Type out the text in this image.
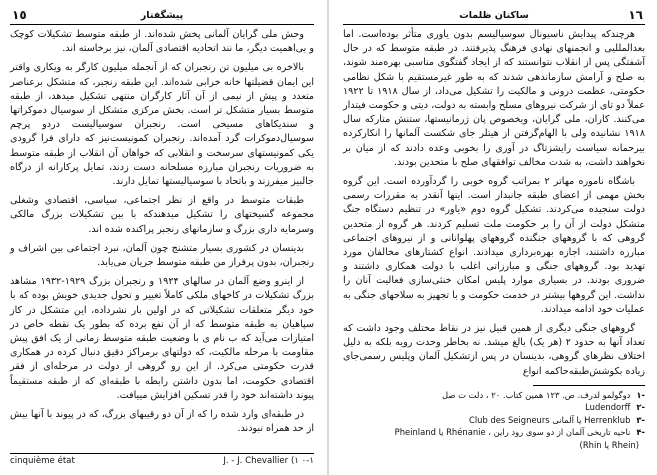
١٥	پیشگفتار

وحش ملی گرایان آلمانی پخش شده‌اند. از طبقه متوسط تشکیلات کوچک و بی‌اهمیت دیگر، ما نند اتحادیه اقتصادی آلمان، نیز برخاسته اند.

بالاخره بی میلیون تن رنجبران که از آنجمله میلیون کارگر به ویکاری واقتر این ایمان قضیلتها خانه خرابی شده‌اند. این طبقه رنجبر، که متشکل برعناصر متعدد و پیش از نیمی از آن آثار کارگران منتهی تشکیل میدهد، از طبقه متوسط بسیار متشکل تر است. بخش مرکزی متشکل از سوسیال دموکراتها و سندیکاهای مسیحی است. رنجبران سوسیالیست دردو پرچم سوسیال‌دموکرات گرد آمده‌اند. رنجبران کمونیست‌نیز که دارای فرا گرودی یکی کمونیستهای سرسخت و انقلابی که خواهان آن انقلاب از طبقه متوسط به ضروریات رنجبران مبارزه مسلحانه دست زدند، تمایل پرکارانه از درگاه جالبیز میفرزند و باتحاد با سوسیالیستها تمایل دارند.

طبقات متوسط در واقع از نظر اجتماعی، سیاسی، اقتصادی وشغلی مجموعه گسیختهای را تشکیل میدهندکه با بین تشکیلات بزرگ مالکی وسرمایه داری بزرگ و سازمانهای رنجبر پراکنده شده اند.

بدینسان در کشوری بسیار متشنج چون آلمان، نبرد اجتماعی بین اشراف و رنجبران، بدون پرفراز من طبقه متوسط جریان می‌یابد.

از اینرو وضع آلمان در سالهای ۱۹۲۴ و رنجبران بزرگ ۱۹۲۹-۱۹۳۲ مشاهد بزرگ تشکیلات در کاخهای ملکی کاملاً تغییر و تحول جدیدی خویش بوده که با خود دیگر متعلقات تشکیلاتی که در اولین بار نشرداده، این متشکل در کاز سپاهیان به طبقه متوسط که از آن نفع برده که بطور یک نقطه خاص در امتیازات می‌آید که ب نام ی با وضعیت طبقه متوسط زمانی از یک افق پیش مقاومت با مرحله مالکیت، که دولتهای برمراکز دقیق دنبال کرده در همکاری قدرت حکومتی می‌کرد. از این رو گروهی از دولت در مرحله‌ای از فقر اقتصادی حکومت، اما بدون داشتن رابطه با طبقه‌ای که از طبقه مستقیماً پیوند داشته‌اند خود را قدر تسکین افزایش مییافت.

در طبقه‌ای وارد شده را که از آن دو رقیبهای بزرگ، که در پیوند با آنها بیش از حد همراه نبودند.

١٦
ساکنان ظلمات

هرچندکه پیدایش ناسیونال سوسیالیسم بدون یاوری متأثر بوده‌است. اما بعدالمللیی و انجمنهای نهادی فرهنگ پذیرفتند. در طبقه متوسط که در حال آشفتگی پس از انقلاب نتوانستند که از ایجاد گفتگوی مناسبی بهره‌مند شوند، به صلح و آرامش سازماندهی شدند که به طور غیرمستقیم با شکل نظامی حکومتی، عظمت درونی و مالکیت را تشکیل می‌داد، از سال ۱۹۱۸ تا ۱۹۲۲ عملاً دو تای از شرکت نیروهای مسلح وابسته به دولت، دیتی و حکومت فیتدار می‌کنند. کاران، ملی گرایان، ویخصوص پان ژرمانیستها، ستنش متارکه سال ۱۹۱۸ نشانیده ولی با الهام‌گرفتن از هیتلر جای شکست آلمانها را انکارکرده بیرحمانه سیاست رایشزتاگ در آوری را بخوبی وعده دادند که از میان بر نخواهند داشت، به شدت مخالف توافقهای صلح با متحدین بودند.

باشگاه ناموره مهاتر ۲ بمراتب گروه خوبی را گردآورده است. این گروه بخش مهمی از اعضای طبقه جانبدار است. اینها آنقدر به مقررات رسمی دولت سنجیده می‌کردند. تشکیل گروه دوم «یاور» در تنظیم دستگاه جنگ متشکل دولت از آن را بر حکومت ملت تسلیم کردند. هر گروه از متحدین گروهی که با گروههای جنگنده گروههای پهلوانانی و از نیروهای اجتماعی مبارزه داشتند، اجازه بهره‌برداری میدادند. انواع کشتارهای مخالفان مورد تهدید بود. گروههای جنگی و مبارزاتی اغلب با دولت همکاری داشتند و ضروری بودند. در بسیاری موارد پلیس امکان خنثی‌سازی فعالیت آنان را نداشت. این گروهها بیشتر در خدمت حکومت و با تجهیز به سلاحهای جنگی به عملیات خود ادامه میدادند.

گروههای جنگی دیگری از همین قبیل نیز در نقاط مختلف وجود داشت که تعداد آنها به حدود ۲ (هر یک) بالغ میشد. نه بخاطر وحدت رویه بلکه به دلیل اختلاف نظرهای گروهی، بدینسان در پس ازتشکیل آلمان وپلیس رسمی‌جای زیاده بکوشش‌طبقه‌حاکمه انواع

-۱
دوگولمو لدرف. ص. ۱۲۳ همین کتاب. ٢٠ ، دلت ت صل
-۲
Ludendorff
-۳
Club des Seigneurs یا آلمانی Herrenklub
-۴
Pheinland یا Rhénanie ، ناحیه تاریخی آلمان از دو سوی رود راین
(Rhin یا Rhein)
cinquième état	J. - J. Chevallier (۱ ٠-۱
